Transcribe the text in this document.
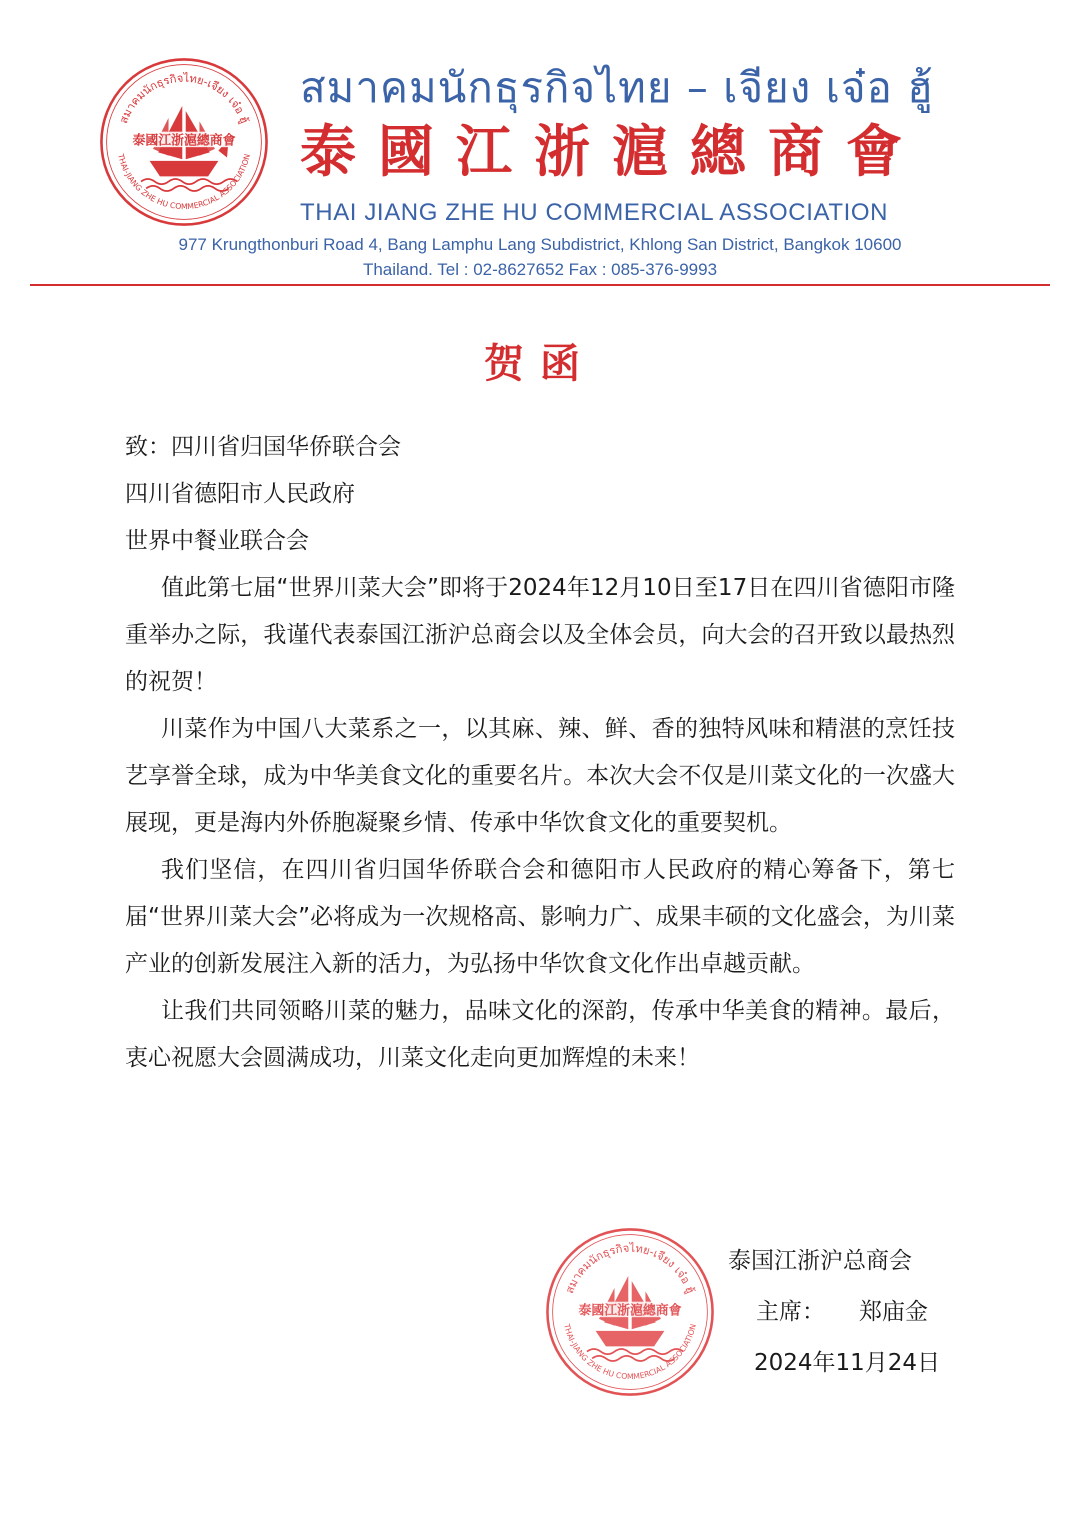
สมาคมนักธุรกิจไทย-เจียง เจ๋อ ฮู้
THAI-JIANG ZHE HU COMMERCIAL ASSOCIATION
泰國江浙滬總商會
สมาคมนักธุรกิจไทย – เจียง เจ๋อ ฮู้
泰國江浙滬總商會
THAI JIANG ZHE HU COMMERCIAL ASSOCIATION
977 Krungthonburi Road 4, Bang Lamphu Lang Subdistrict, Khlong San District, Bangkok 10600
Thailand. Tel : 02-8627652 Fax : 085-376-9993
贺函

致：四川省归国华侨联合会

四川省德阳市人民政府

世界中餐业联合会

值此第七届“世界川菜大会”即将于2024年12月10日至17日在四川省德阳市隆重举办之际，我谨代表泰国江浙沪总商会以及全体会员，向大会的召开致以最热烈的祝贺！

川菜作为中国八大菜系之一，以其麻、辣、鲜、香的独特风味和精湛的烹饪技艺享誉全球，成为中华美食文化的重要名片。本次大会不仅是川菜文化的一次盛大展现，更是海内外侨胞凝聚乡情、传承中华饮食文化的重要契机。

我们坚信，在四川省归国华侨联合会和德阳市人民政府的精心筹备下，第七届“世界川菜大会”必将成为一次规格高、影响力广、成果丰硕的文化盛会，为川菜产业的创新发展注入新的活力，为弘扬中华饮食文化作出卓越贡献。

让我们共同领略川菜的魅力，品味文化的深韵，传承中华美食的精神。最后，衷心祝愿大会圆满成功，川菜文化走向更加辉煌的未来！

สมาคมนักธุรกิจไทย-เจียง เจ๋อ ฮู้
THAI-JIANG ZHE HU COMMERCIAL ASSOCIATION
泰國江浙滬總商會
泰国江浙沪总商会
主席： 郑庙金
2024年11月24日
